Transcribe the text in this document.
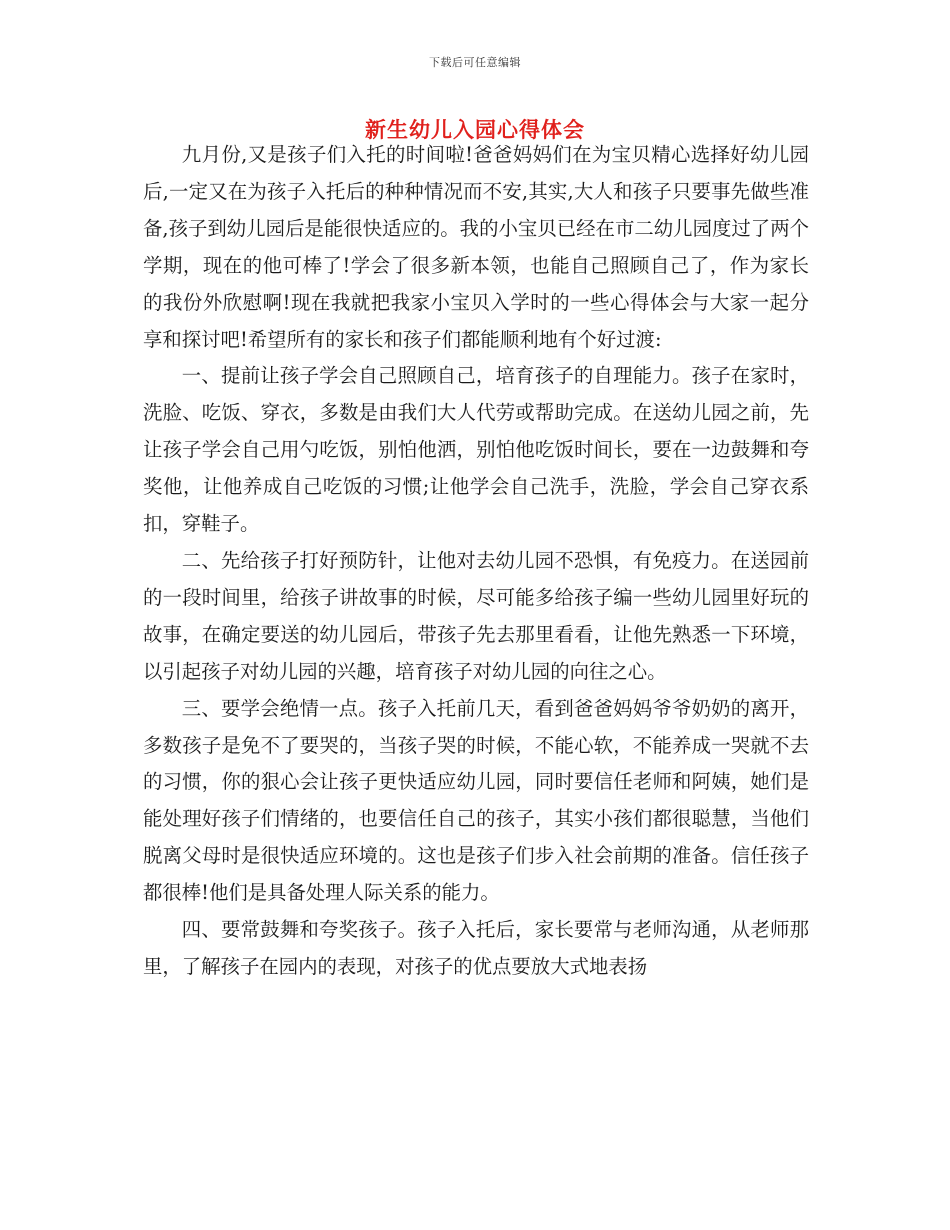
下载后可任意编辑
新生幼儿入园心得体会

九月份,又是孩子们入托的时间啦!爸爸妈妈们在为宝贝精心选择好幼儿园后,一定又在为孩子入托后的种种情况而不安,其实,大人和孩子只要事先做些准备,孩子到幼儿园后是能很快适应的。我的小宝贝已经在市二幼儿园度过了两个学期，现在的他可棒了!学会了很多新本领，也能自己照顾自己了，作为家长的我份外欣慰啊!现在我就把我家小宝贝入学时的一些心得体会与大家一起分享和探讨吧!希望所有的家长和孩子们都能顺利地有个好过渡:

一、提前让孩子学会自己照顾自己，培育孩子的自理能力。孩子在家时，洗脸、吃饭、穿衣，多数是由我们大人代劳或帮助完成。在送幼儿园之前，先让孩子学会自己用勺吃饭，别怕他洒，别怕他吃饭时间长，要在一边鼓舞和夸奖他，让他养成自己吃饭的习惯;让他学会自己洗手，洗脸，学会自己穿衣系扣，穿鞋子。

二、先给孩子打好预防针，让他对去幼儿园不恐惧，有免疫力。在送园前的一段时间里，给孩子讲故事的时候，尽可能多给孩子编一些幼儿园里好玩的故事，在确定要送的幼儿园后，带孩子先去那里看看，让他先熟悉一下环境，以引起孩子对幼儿园的兴趣，培育孩子对幼儿园的向往之心。

三、要学会绝情一点。孩子入托前几天，看到爸爸妈妈爷爷奶奶的离开，多数孩子是免不了要哭的，当孩子哭的时候，不能心软，不能养成一哭就不去的习惯，你的狠心会让孩子更快适应幼儿园，同时要信任老师和阿姨，她们是能处理好孩子们情绪的，也要信任自己的孩子，其实小孩们都很聪慧，当他们脱离父母时是很快适应环境的。这也是孩子们步入社会前期的准备。信任孩子都很棒!他们是具备处理人际关系的能力。

四、要常鼓舞和夸奖孩子。孩子入托后，家长要常与老师沟通，从老师那里，了解孩子在园内的表现，对孩子的优点要放大式地表扬
